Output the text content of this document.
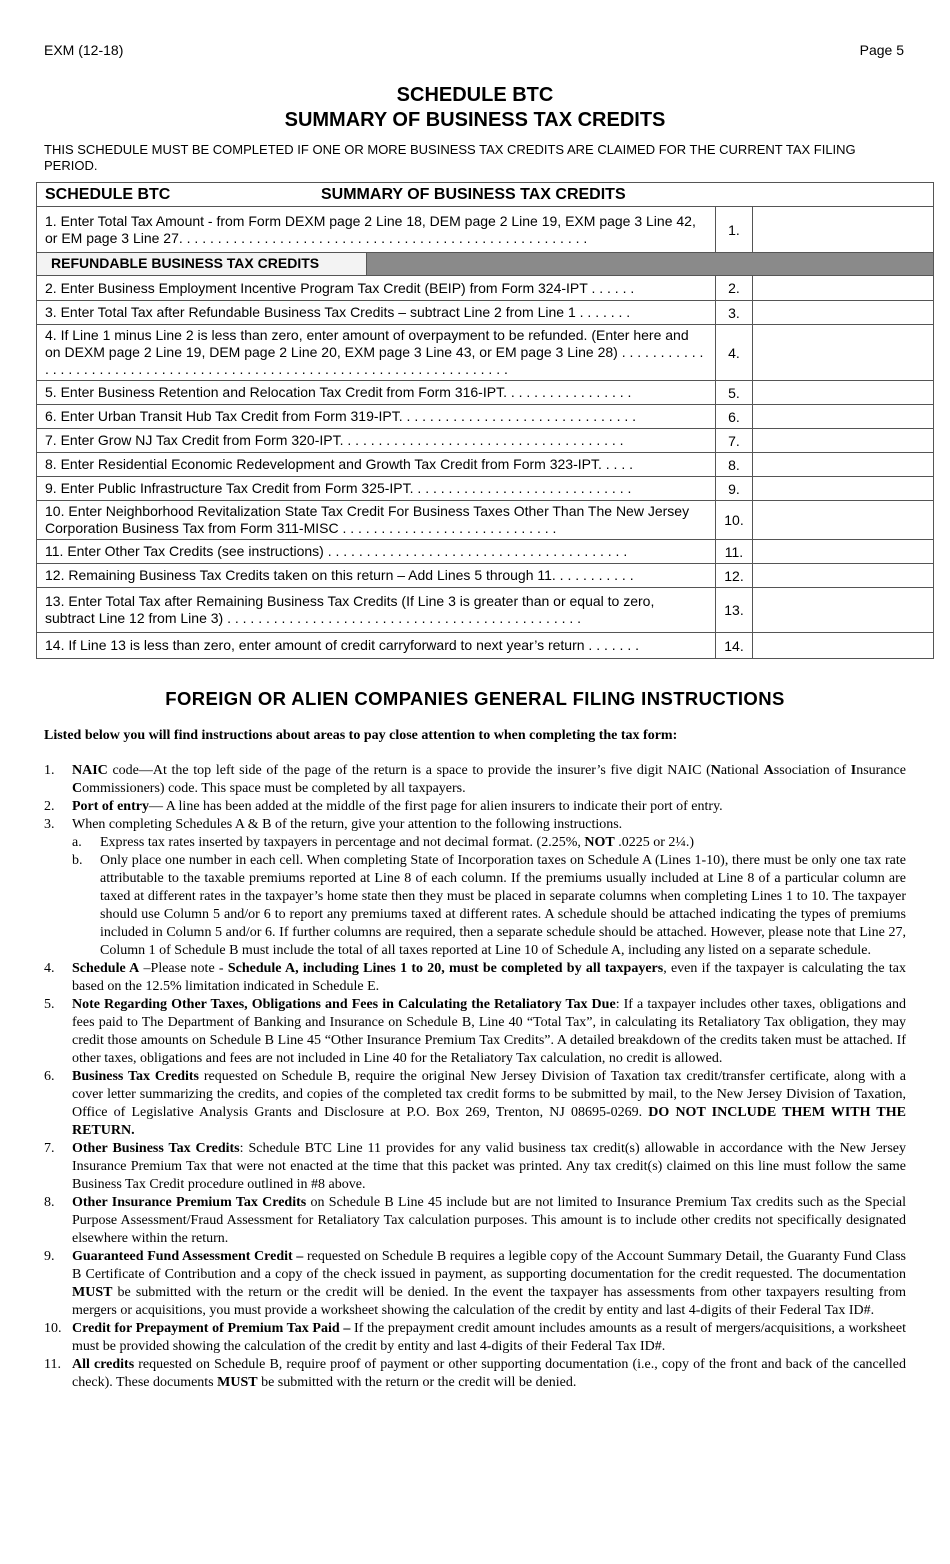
EXM (12-18)	Page 5
SCHEDULE BTC
SUMMARY OF BUSINESS TAX CREDITS
THIS SCHEDULE MUST BE COMPLETED IF ONE OR MORE BUSINESS TAX CREDITS ARE CLAIMED FOR THE CURRENT TAX FILING PERIOD.
SCHEDULE BTC SUMMARY OF BUSINESS TAX CREDITS		
1. Enter Total Tax Amount - from Form DEXM page 2 Line 18, DEM page 2 Line 19, EXM page 3 Line 42, or EM page 3 Line 27. . . . . . . . . . . . . . . . . . . . . . . . . . . . . . . . . . . . . . . . . . . . . . . . . . . . .	1.	

REFUNDABLE BUSINESS TAX CREDITS		

2. Enter Business Employment Incentive Program Tax Credit (BEIP) from Form 324-IPT . . . . . .	2.	
3. Enter Total Tax after Refundable Business Tax Credits – subtract Line 2 from Line 1 . . . . . . .	3.	
4. If Line 1 minus Line 2 is less than zero, enter amount of overpayment to be refunded. (Enter here and on DEXM page 2 Line 19, DEM page 2 Line 20, EXM page 3 Line 43, or EM page 3 Line 28) . . . . . . . . . . . . . . . . . . . . . . . . . . . . . . . . . . . . . . . . . . . . . . . . . . . . . . . . . . . . . . . . . . . . . . .	4.	
5. Enter Business Retention and Relocation Tax Credit from Form 316-IPT. . . . . . . . . . . . . . . . .	5.	
6. Enter Urban Transit Hub Tax Credit from Form 319-IPT. . . . . . . . . . . . . . . . . . . . . . . . . . . . . . .	6.	
7. Enter Grow NJ Tax Credit from Form 320-IPT. . . . . . . . . . . . . . . . . . . . . . . . . . . . . . . . . . . . .	7.	
8. Enter Residential Economic Redevelopment and Growth Tax Credit from Form 323-IPT. . . . .	8.	
9. Enter Public Infrastructure Tax Credit from Form 325-IPT. . . . . . . . . . . . . . . . . . . . . . . . . . . . .	9.	
10. Enter Neighborhood Revitalization State Tax Credit For Business Taxes Other Than The New Jersey Corporation Business Tax from Form 311-MISC . . . . . . . . . . . . . . . . . . . . . . . . . . . .	10.	
11. Enter Other Tax Credits (see instructions) . . . . . . . . . . . . . . . . . . . . . . . . . . . . . . . . . . . . . . .	11.	
12. Remaining Business Tax Credits taken on this return – Add Lines 5 through 11. . . . . . . . . . .	12.	
13. Enter Total Tax after Remaining Business Tax Credits (If Line 3 is greater than or equal to zero, subtract Line 12 from Line 3) . . . . . . . . . . . . . . . . . . . . . . . . . . . . . . . . . . . . . . . . . . . . . .	13.	
14. If Line 13 is less than zero, enter amount of credit carryforward to next year’s return . . . . . . .	14.	
FOREIGN OR ALIEN COMPANIES GENERAL FILING INSTRUCTIONS
Listed below you will find instructions about areas to pay close attention to when completing the tax form:
1. NAIC code—At the top left side of the page of the return is a space to provide the insurer’s five digit NAIC (National Association of Insurance Commissioners) code. This space must be completed by all taxpayers.
2. Port of entry— A line has been added at the middle of the first page for alien insurers to indicate their port of entry.
3. When completing Schedules A & B of the return, give your attention to the following instructions.
a. Express tax rates inserted by taxpayers in percentage and not decimal format. (2.25%, NOT .0225 or 2¼.)
b. Only place one number in each cell. When completing State of Incorporation taxes on Schedule A (Lines 1-10), there must be only one tax rate attributable to the taxable premiums reported at Line 8 of each column. If the premiums usually included at Line 8 of a particular column are taxed at different rates in the taxpayer’s home state then they must be placed in separate columns when completing Lines 1 to 10. The taxpayer should use Column 5 and/or 6 to report any premiums taxed at different rates. A schedule should be attached indicating the types of premiums included in Column 5 and/or 6. If further columns are required, then a separate schedule should be attached. However, please note that Line 27, Column 1 of Schedule B must include the total of all taxes reported at Line 10 of Schedule A, including any listed on a separate schedule.
4. Schedule A –Please note - Schedule A, including Lines 1 to 20, must be completed by all taxpayers, even if the taxpayer is calculating the tax based on the 12.5% limitation indicated in Schedule E.
5. Note Regarding Other Taxes, Obligations and Fees in Calculating the Retaliatory Tax Due: If a taxpayer includes other taxes, obligations and fees paid to The Department of Banking and Insurance on Schedule B, Line 40 “Total Tax”, in calculating its Retaliatory Tax obligation, they may credit those amounts on Schedule B Line 45 “Other Insurance Premium Tax Credits”. A detailed breakdown of the credits taken must be attached. If other taxes, obligations and fees are not included in Line 40 for the Retaliatory Tax calculation, no credit is allowed.
6. Business Tax Credits requested on Schedule B, require the original New Jersey Division of Taxation tax credit/transfer certificate, along with a cover letter summarizing the credits, and copies of the completed tax credit forms to be submitted by mail, to the New Jersey Division of Taxation, Office of Legislative Analysis Grants and Disclosure at P.O. Box 269, Trenton, NJ 08695-0269. DO NOT INCLUDE THEM WITH THE RETURN.
7. Other Business Tax Credits: Schedule BTC Line 11 provides for any valid business tax credit(s) allowable in accordance with the New Jersey Insurance Premium Tax that were not enacted at the time that this packet was printed. Any tax credit(s) claimed on this line must follow the same Business Tax Credit procedure outlined in #8 above.
8. Other Insurance Premium Tax Credits on Schedule B Line 45 include but are not limited to Insurance Premium Tax credits such as the Special Purpose Assessment/Fraud Assessment for Retaliatory Tax calculation purposes. This amount is to include other credits not specifically designated elsewhere within the return.
9. Guaranteed Fund Assessment Credit – requested on Schedule B requires a legible copy of the Account Summary Detail, the Guaranty Fund Class B Certificate of Contribution and a copy of the check issued in payment, as supporting documentation for the credit requested. The documentation MUST be submitted with the return or the credit will be denied. In the event the taxpayer has assessments from other taxpayers resulting from mergers or acquisitions, you must provide a worksheet showing the calculation of the credit by entity and last 4-digits of their Federal Tax ID#.
10. Credit for Prepayment of Premium Tax Paid – If the prepayment credit amount includes amounts as a result of mergers/acquisitions, a worksheet must be provided showing the calculation of the credit by entity and last 4-digits of their Federal Tax ID#.
11. All credits requested on Schedule B, require proof of payment or other supporting documentation (i.e., copy of the front and back of the cancelled check). These documents MUST be submitted with the return or the credit will be denied.
